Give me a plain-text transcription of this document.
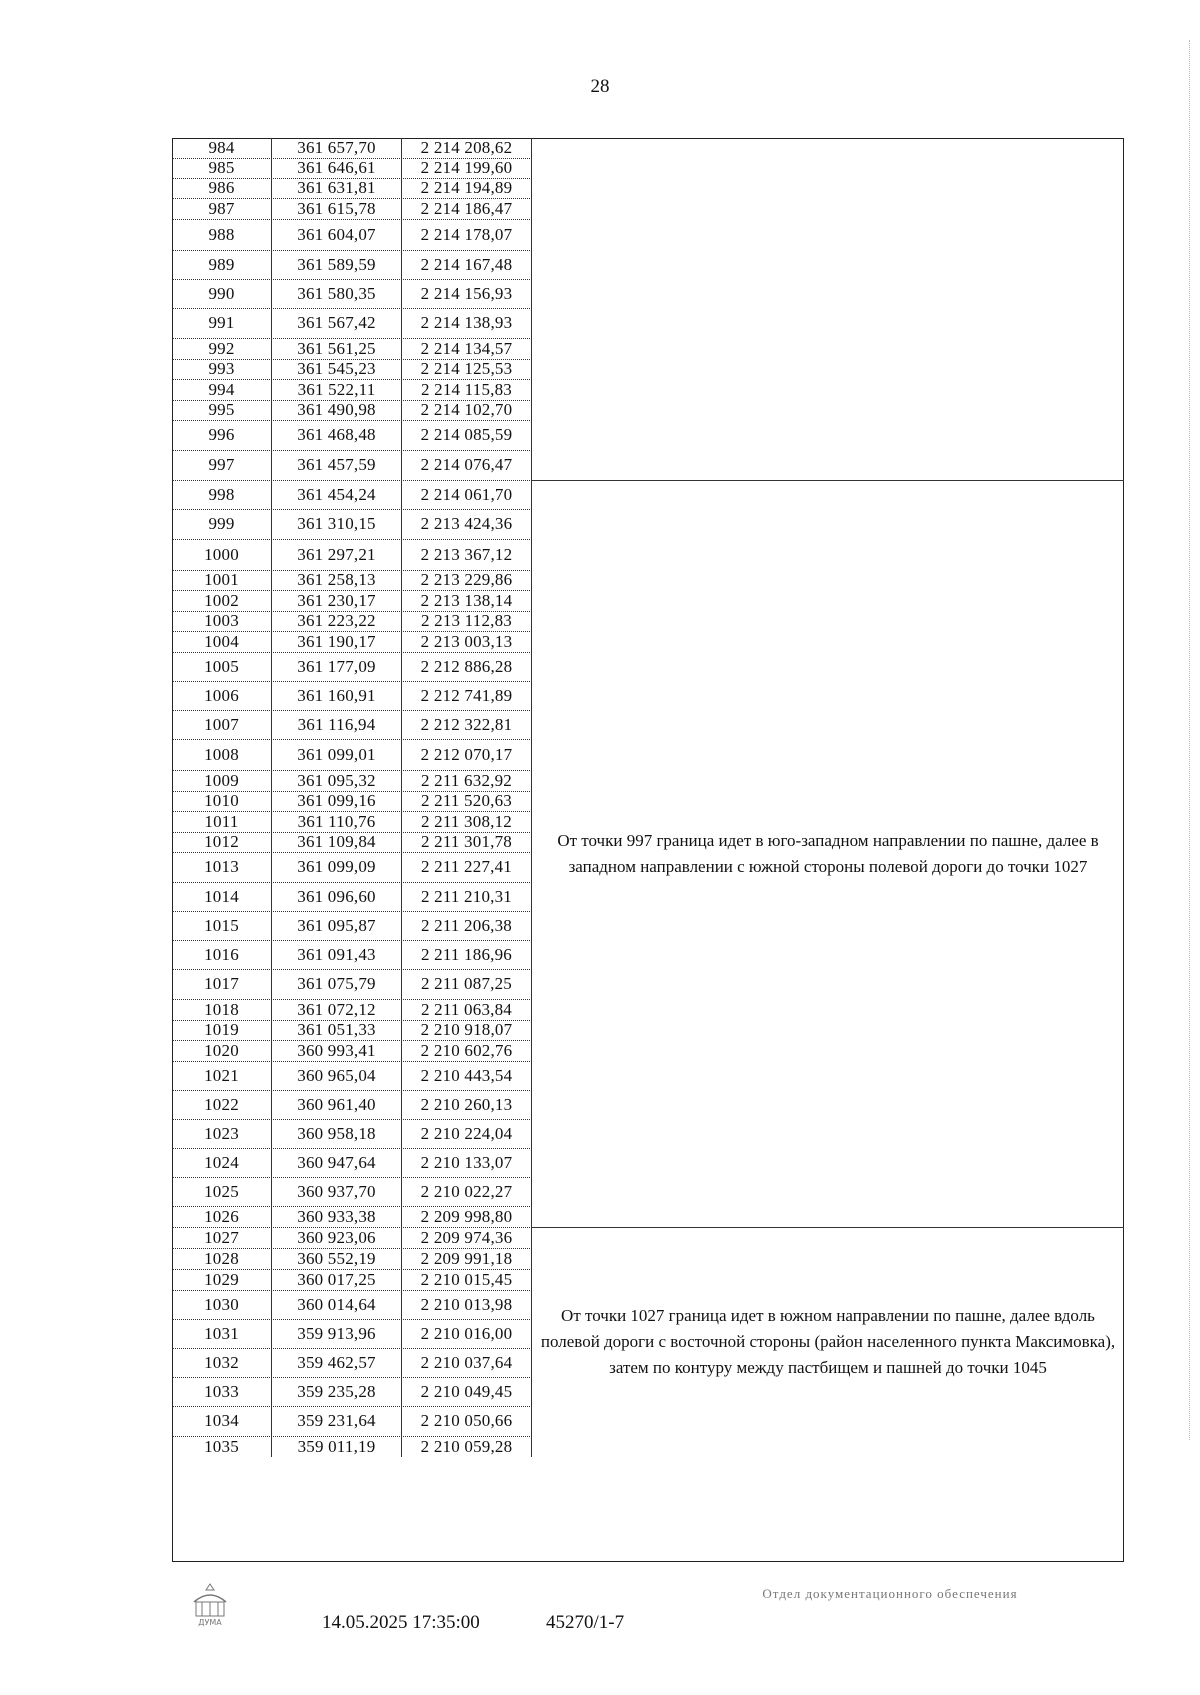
28
984	361 657,70	2 214 208,62
985	361 646,61	2 214 199,60
986	361 631,81	2 214 194,89
987	361 615,78	2 214 186,47
988	361 604,07	2 214 178,07
989	361 589,59	2 214 167,48
990	361 580,35	2 214 156,93
991	361 567,42	2 214 138,93
992	361 561,25	2 214 134,57
993	361 545,23	2 214 125,53
994	361 522,11	2 214 115,83
995	361 490,98	2 214 102,70
996	361 468,48	2 214 085,59
997	361 457,59	2 214 076,47
998	361 454,24	2 214 061,70
999	361 310,15	2 213 424,36
1000	361 297,21	2 213 367,12
1001	361 258,13	2 213 229,86
1002	361 230,17	2 213 138,14
1003	361 223,22	2 213 112,83
1004	361 190,17	2 213 003,13
1005	361 177,09	2 212 886,28
1006	361 160,91	2 212 741,89
1007	361 116,94	2 212 322,81
1008	361 099,01	2 212 070,17
1009	361 095,32	2 211 632,92
1010	361 099,16	2 211 520,63
1011	361 110,76	2 211 308,12
1012	361 109,84	2 211 301,78
1013	361 099,09	2 211 227,41
1014	361 096,60	2 211 210,31
1015	361 095,87	2 211 206,38
1016	361 091,43	2 211 186,96
1017	361 075,79	2 211 087,25
1018	361 072,12	2 211 063,84
1019	361 051,33	2 210 918,07
1020	360 993,41	2 210 602,76
1021	360 965,04	2 210 443,54
1022	360 961,40	2 210 260,13
1023	360 958,18	2 210 224,04
1024	360 947,64	2 210 133,07
1025	360 937,70	2 210 022,27
1026	360 933,38	2 209 998,80
1027	360 923,06	2 209 974,36
1028	360 552,19	2 209 991,18
1029	360 017,25	2 210 015,45
1030	360 014,64	2 210 013,98
1031	359 913,96	2 210 016,00
1032	359 462,57	2 210 037,64
1033	359 235,28	2 210 049,45
1034	359 231,64	2 210 050,66
1035	359 011,19	2 210 059,28
От точки 997 граница идет в юго-западном направлении по пашне, далее в западном направлении с южной стороны полевой дороги до точки 1027
От точки 1027 граница идет в южном направлении по пашне, далее вдоль полевой дороги с восточной стороны (район населенного пункта Максимовка), затем по контуру между пастбищем и пашней до точки 1045
ДУМА	14.05.2025 17:35:00	45270/1-7
Отдел документационного обеспечения
